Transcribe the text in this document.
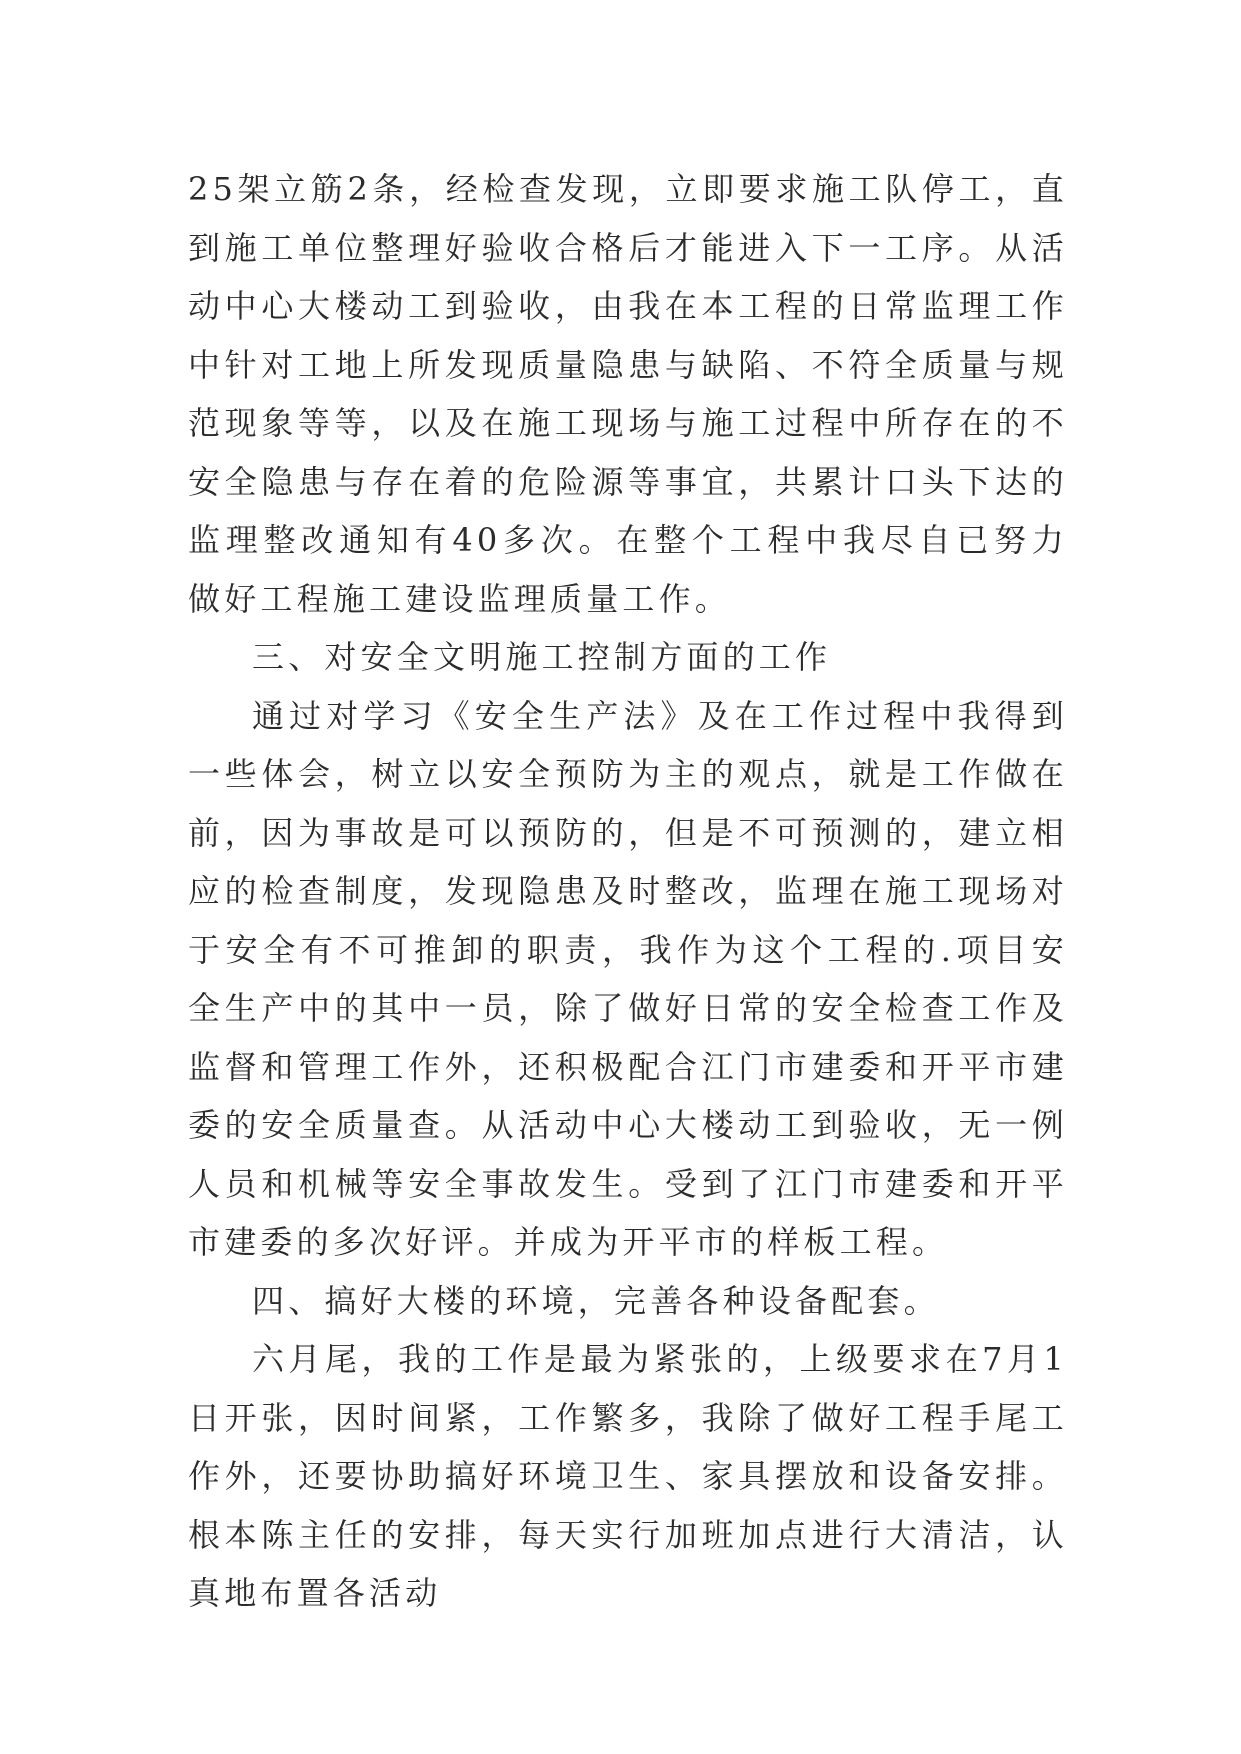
25架立筋2条，经检查发现，立即要求施工队停工，直到施工单位整理好验收合格后才能进入下一工序。从活动中心大楼动工到验收，由我在本工程的日常监理工作中针对工地上所发现质量隐患与缺陷、不符全质量与规范现象等等，以及在施工现场与施工过程中所存在的不安全隐患与存在着的危险源等事宜，共累计口头下达的监理整改通知有40多次。在整个工程中我尽自已努力做好工程施工建设监理质量工作。

三、对安全文明施工控制方面的工作

通过对学习《安全生产法》及在工作过程中我得到一些体会，树立以安全预防为主的观点，就是工作做在前，因为事故是可以预防的，但是不可预测的，建立相应的检查制度，发现隐患及时整改，监理在施工现场对于安全有不可推卸的职责，我作为这个工程的.项目安全生产中的其中一员，除了做好日常的安全检查工作及监督和管理工作外，还积极配合江门市建委和开平市建委的安全质量查。从活动中心大楼动工到验收，无一例人员和机械等安全事故发生。受到了江门市建委和开平市建委的多次好评。并成为开平市的样板工程。

四、搞好大楼的环境，完善各种设备配套。

六月尾，我的工作是最为紧张的，上级要求在7月1日开张，因时间紧，工作繁多，我除了做好工程手尾工作外，还要协助搞好环境卫生、家具摆放和设备安排。根本陈主任的安排，每天实行加班加点进行大清洁，认真地布置各活动
